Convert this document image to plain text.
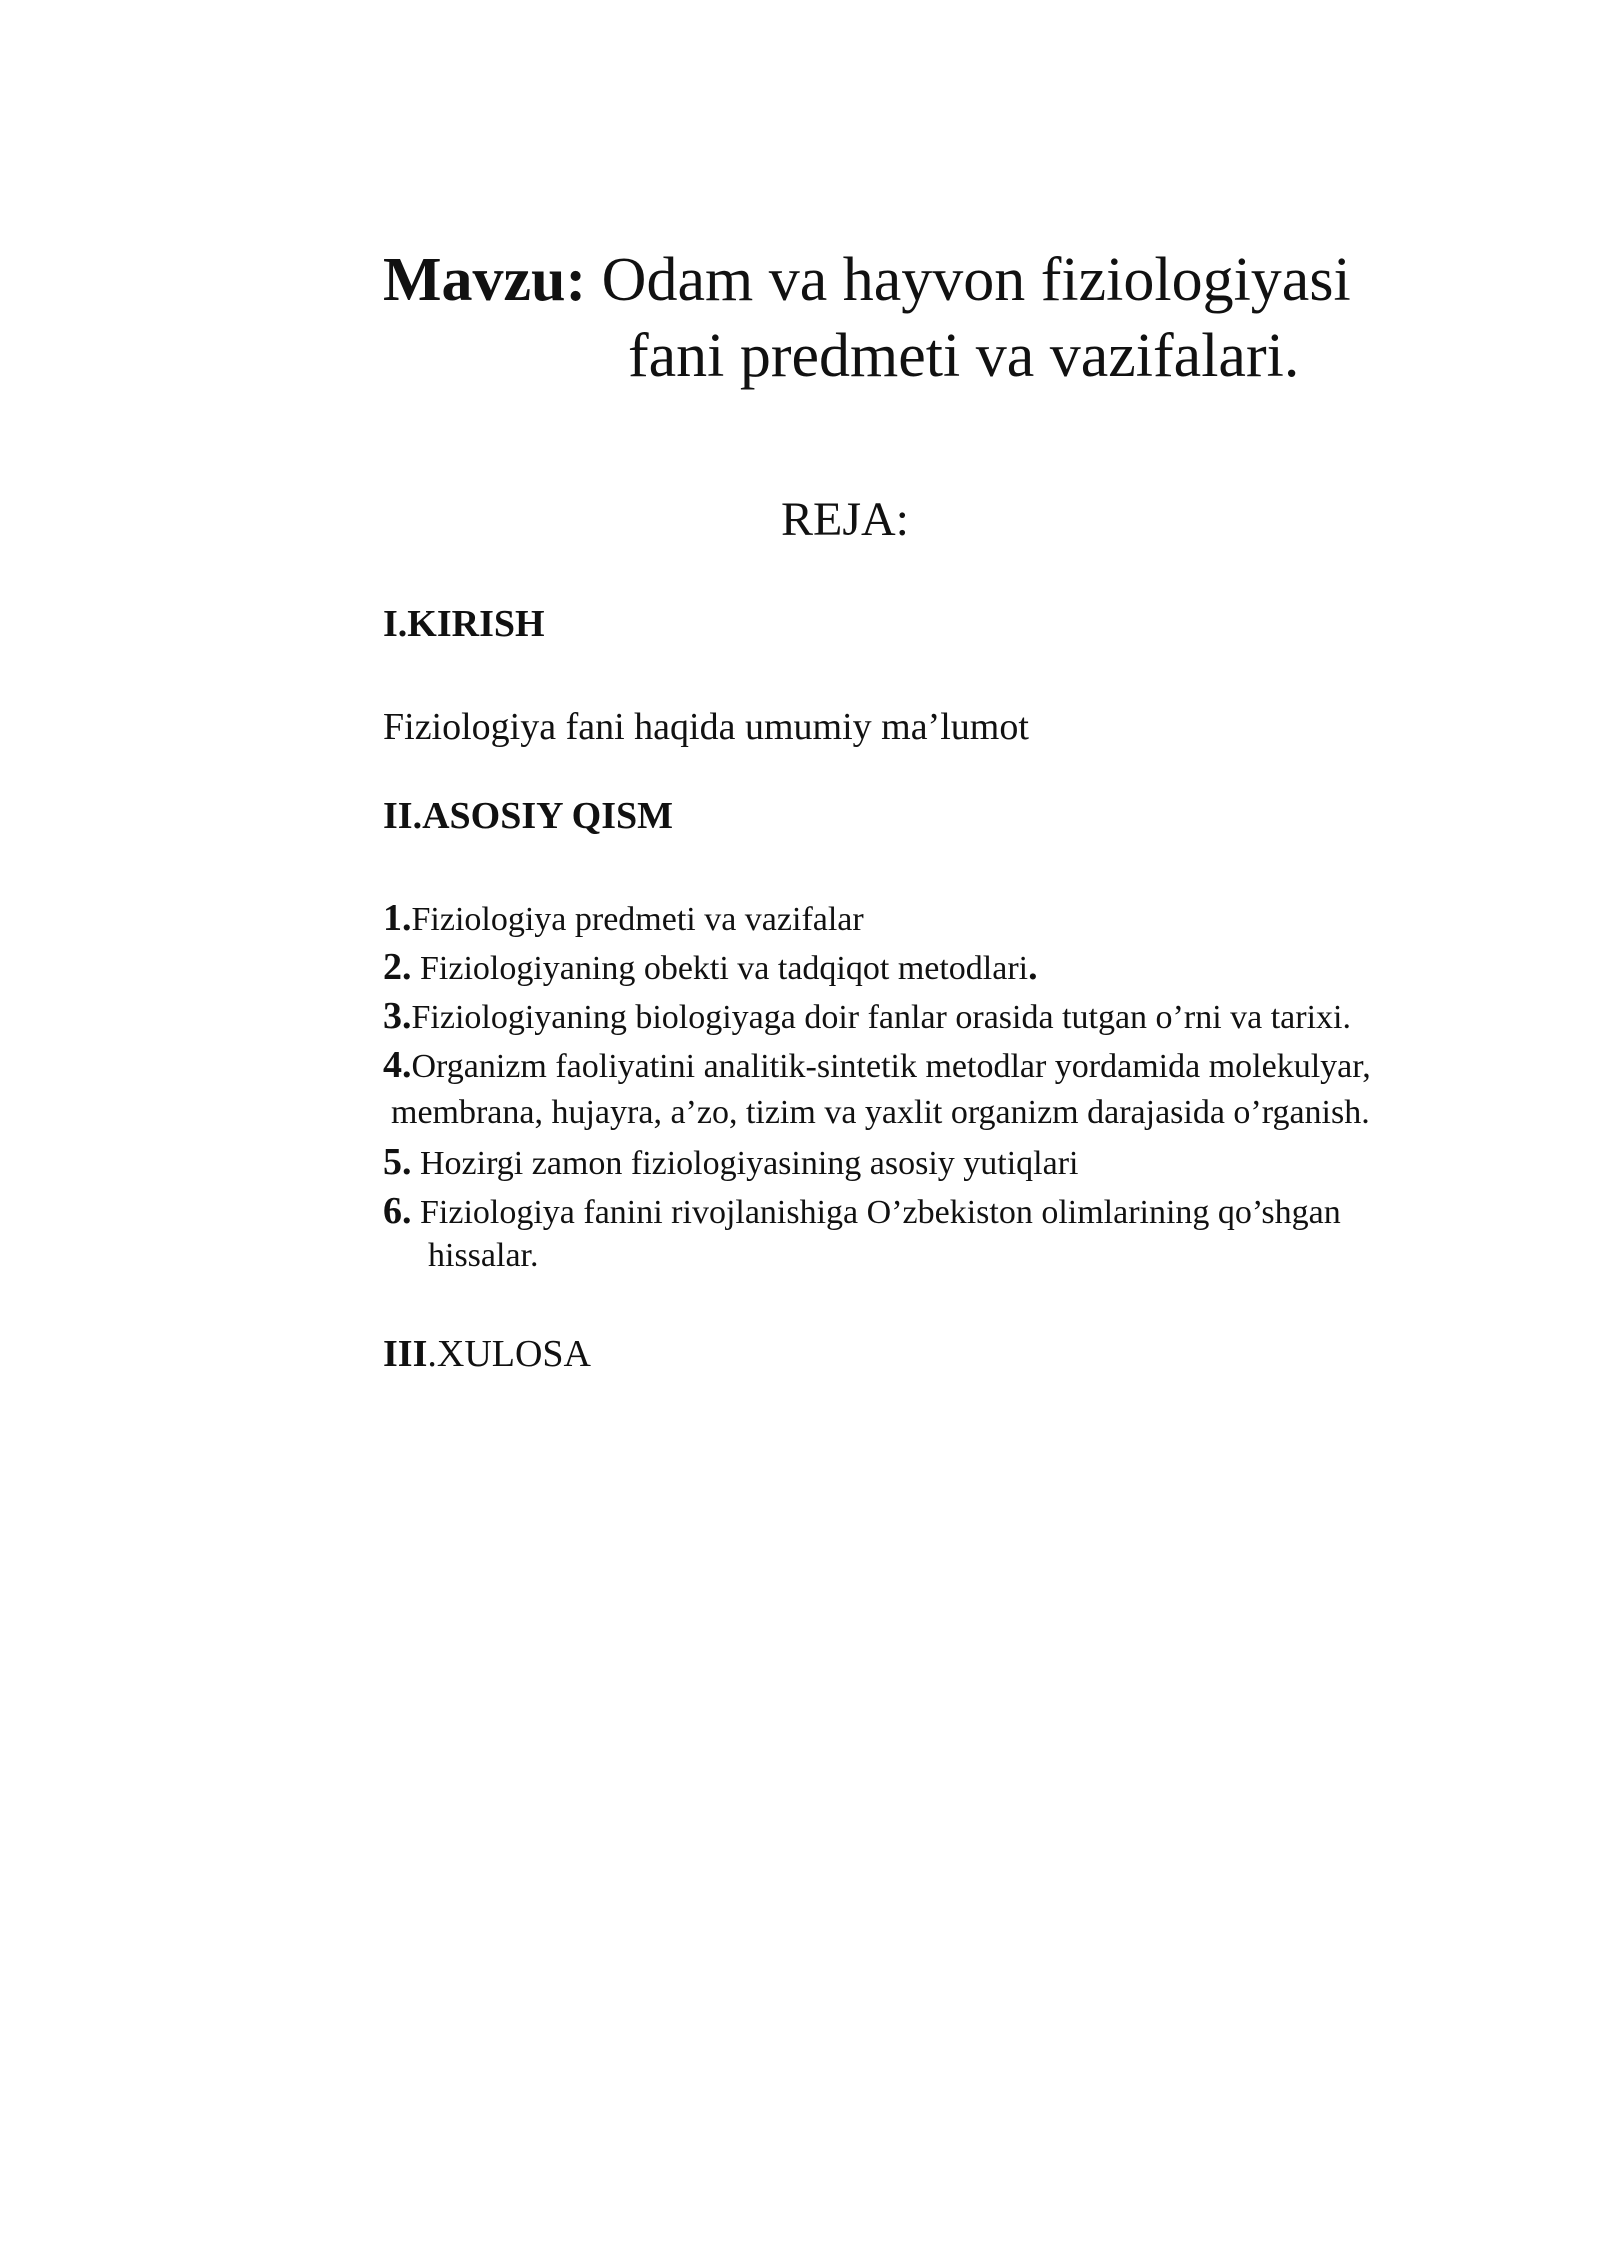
Mavzu: Odam va hayvon fiziologiyasi
fani predmeti va vazifalari.
REJA:
I.KIRISH
Fiziologiya fani haqida umumiy ma’lumot
II.ASOSIY QISM
1.Fiziologiya predmeti va vazifalar
2. Fiziologiyaning obekti va tadqiqot metodlari.
3.Fiziologiyaning biologiyaga doir fanlar orasida tutgan o’rni va tarixi.
4.Organizm faoliyatini analitik-sintetik metodlar yordamida molekulyar,
membrana, hujayra, a’zo, tizim va yaxlit organizm darajasida o’rganish.
5. Hozirgi zamon fiziologiyasining asosiy yutiqlari
6. Fiziologiya fanini rivojlanishiga O’zbekiston olimlarining qo’shgan
hissalar.
III.XULOSA
